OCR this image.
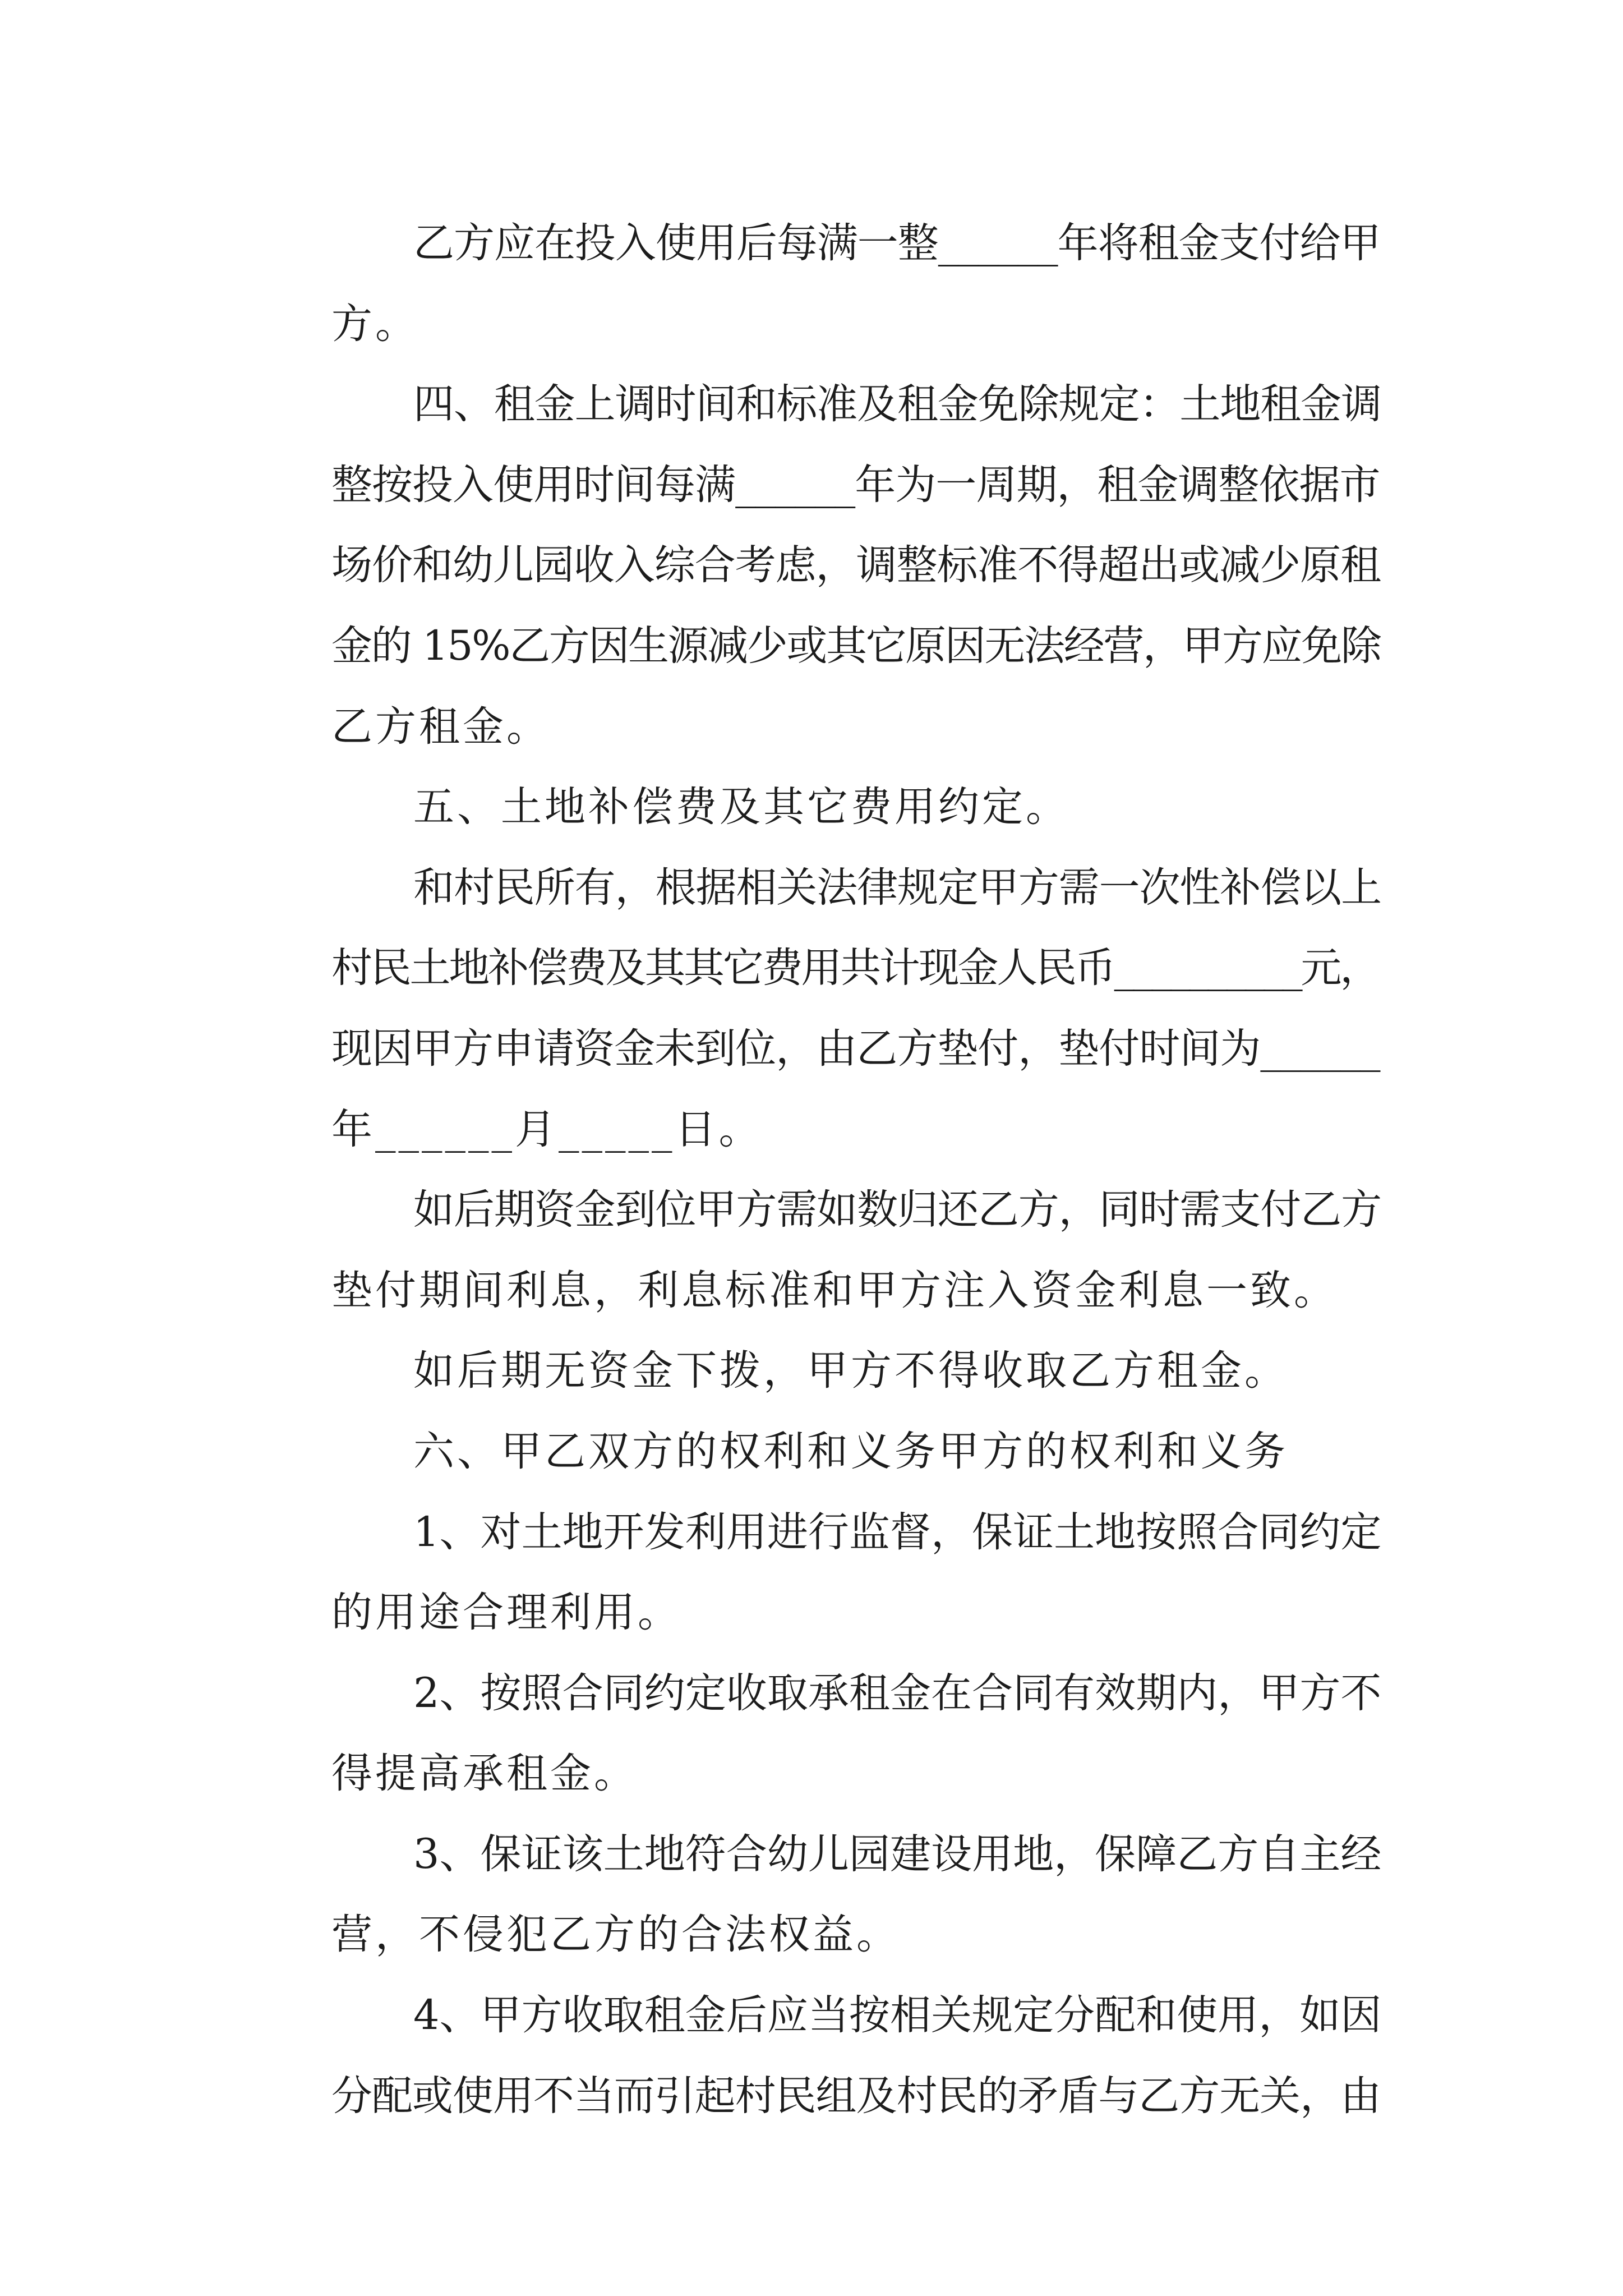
乙方应在投入使用后每满一整______年将租金支付给甲
方。
四、租金上调时间和标准及租金免除规定：土地租金调
整按投入使用时间每满______年为一周期，租金调整依据市
场价和幼儿园收入综合考虑，调整标准不得超出或减少原租
金的 15%乙方因生源减少或其它原因无法经营，甲方应免除
乙方租金。
五、土地补偿费及其它费用约定。
和村民所有，根据相关法律规定甲方需一次性补偿以上
村民土地补偿费及其其它费用共计现金人民币__________元，
现因甲方申请资金未到位，由乙方垫付，垫付时间为______
年______月_____日。
如后期资金到位甲方需如数归还乙方，同时需支付乙方
垫付期间利息，利息标准和甲方注入资金利息一致。
如后期无资金下拨，甲方不得收取乙方租金。
六、甲乙双方的权利和义务甲方的权利和义务
1、对土地开发利用进行监督，保证土地按照合同约定
的用途合理利用。
2、按照合同约定收取承租金在合同有效期内，甲方不
得提高承租金。
3、保证该土地符合幼儿园建设用地，保障乙方自主经
营，不侵犯乙方的合法权益。
4、甲方收取租金后应当按相关规定分配和使用，如因
分配或使用不当而引起村民组及村民的矛盾与乙方无关，由
